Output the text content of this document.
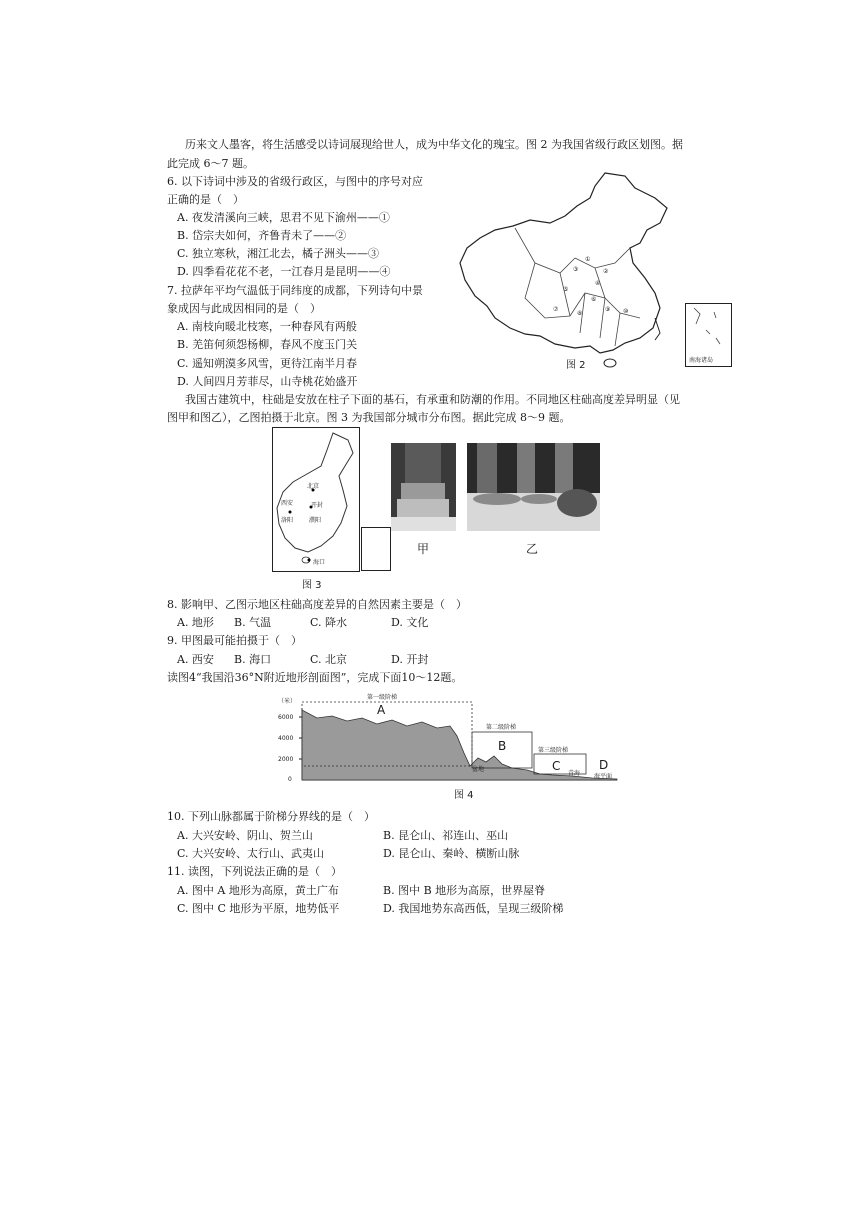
历来文人墨客，将生活感受以诗词展现给世人，成为中华文化的瑰宝。图 2 为我国省级行政区划图。据
此完成 6～7 题。
6. 以下诗词中涉及的省级行政区，与图中的序号对应
正确的是（　）
A. 夜发清溪向三峡，思君不见下渝州——①
B. 岱宗夫如何，齐鲁青未了——②
C. 独立寒秋，湘江北去，橘子洲头——③
D. 四季看花花不老，一江春月是昆明——④
7. 拉萨年平均气温低于同纬度的成都，下列诗句中景
象成因与此成因相同的是（　）
A. 南枝向暖北枝寒，一种春风有两般
B. 羌笛何须怨杨柳，春风不度玉门关
C. 遥知朔漠多风雪，更待江南半月春
D. 人间四月芳菲尽，山寺桃花始盛开
①
②
③
④
⑤
⑥
⑦
⑧
⑨ ⑩
南海诸岛
图 2
我国古建筑中，柱础是安放在柱子下面的基石，有承重和防潮的作用。不同地区柱础高度差异明显（见
图甲和图乙），乙图拍摄于北京。图 3 为我国部分城市分布图。据此完成 8～9 题。
北京
西安	开封
洛阳	濮阳
海口
图 3
甲	乙
8. 影响甲、乙图示地区柱础高度差异的自然因素主要是（　）
A. 地形 B. 气温	C. 降水	D. 文化
9. 甲图最可能拍摄于（　）
A. 西安 B. 海口	C. 北京	D. 开封
读图4“我国沿36°N附近地形剖面图”，完成下面10～12题。
（米）
6000
4000
2000
0
第一级阶梯
第二级阶梯
第三级阶梯
A
B
C	D
盆地
青海 海平面
图 4
10. 下列山脉都属于阶梯分界线的是（　）
A. 大兴安岭、阴山、贺兰山	B. 昆仑山、祁连山、巫山
C. 大兴安岭、太行山、武夷山	D. 昆仑山、秦岭、横断山脉
11. 读图，下列说法正确的是（　）
A. 图中 A 地形为高原，黄土广布	B. 图中 B 地形为高原，世界屋脊
C. 图中 C 地形为平原，地势低平	D. 我国地势东高西低，呈现三级阶梯
